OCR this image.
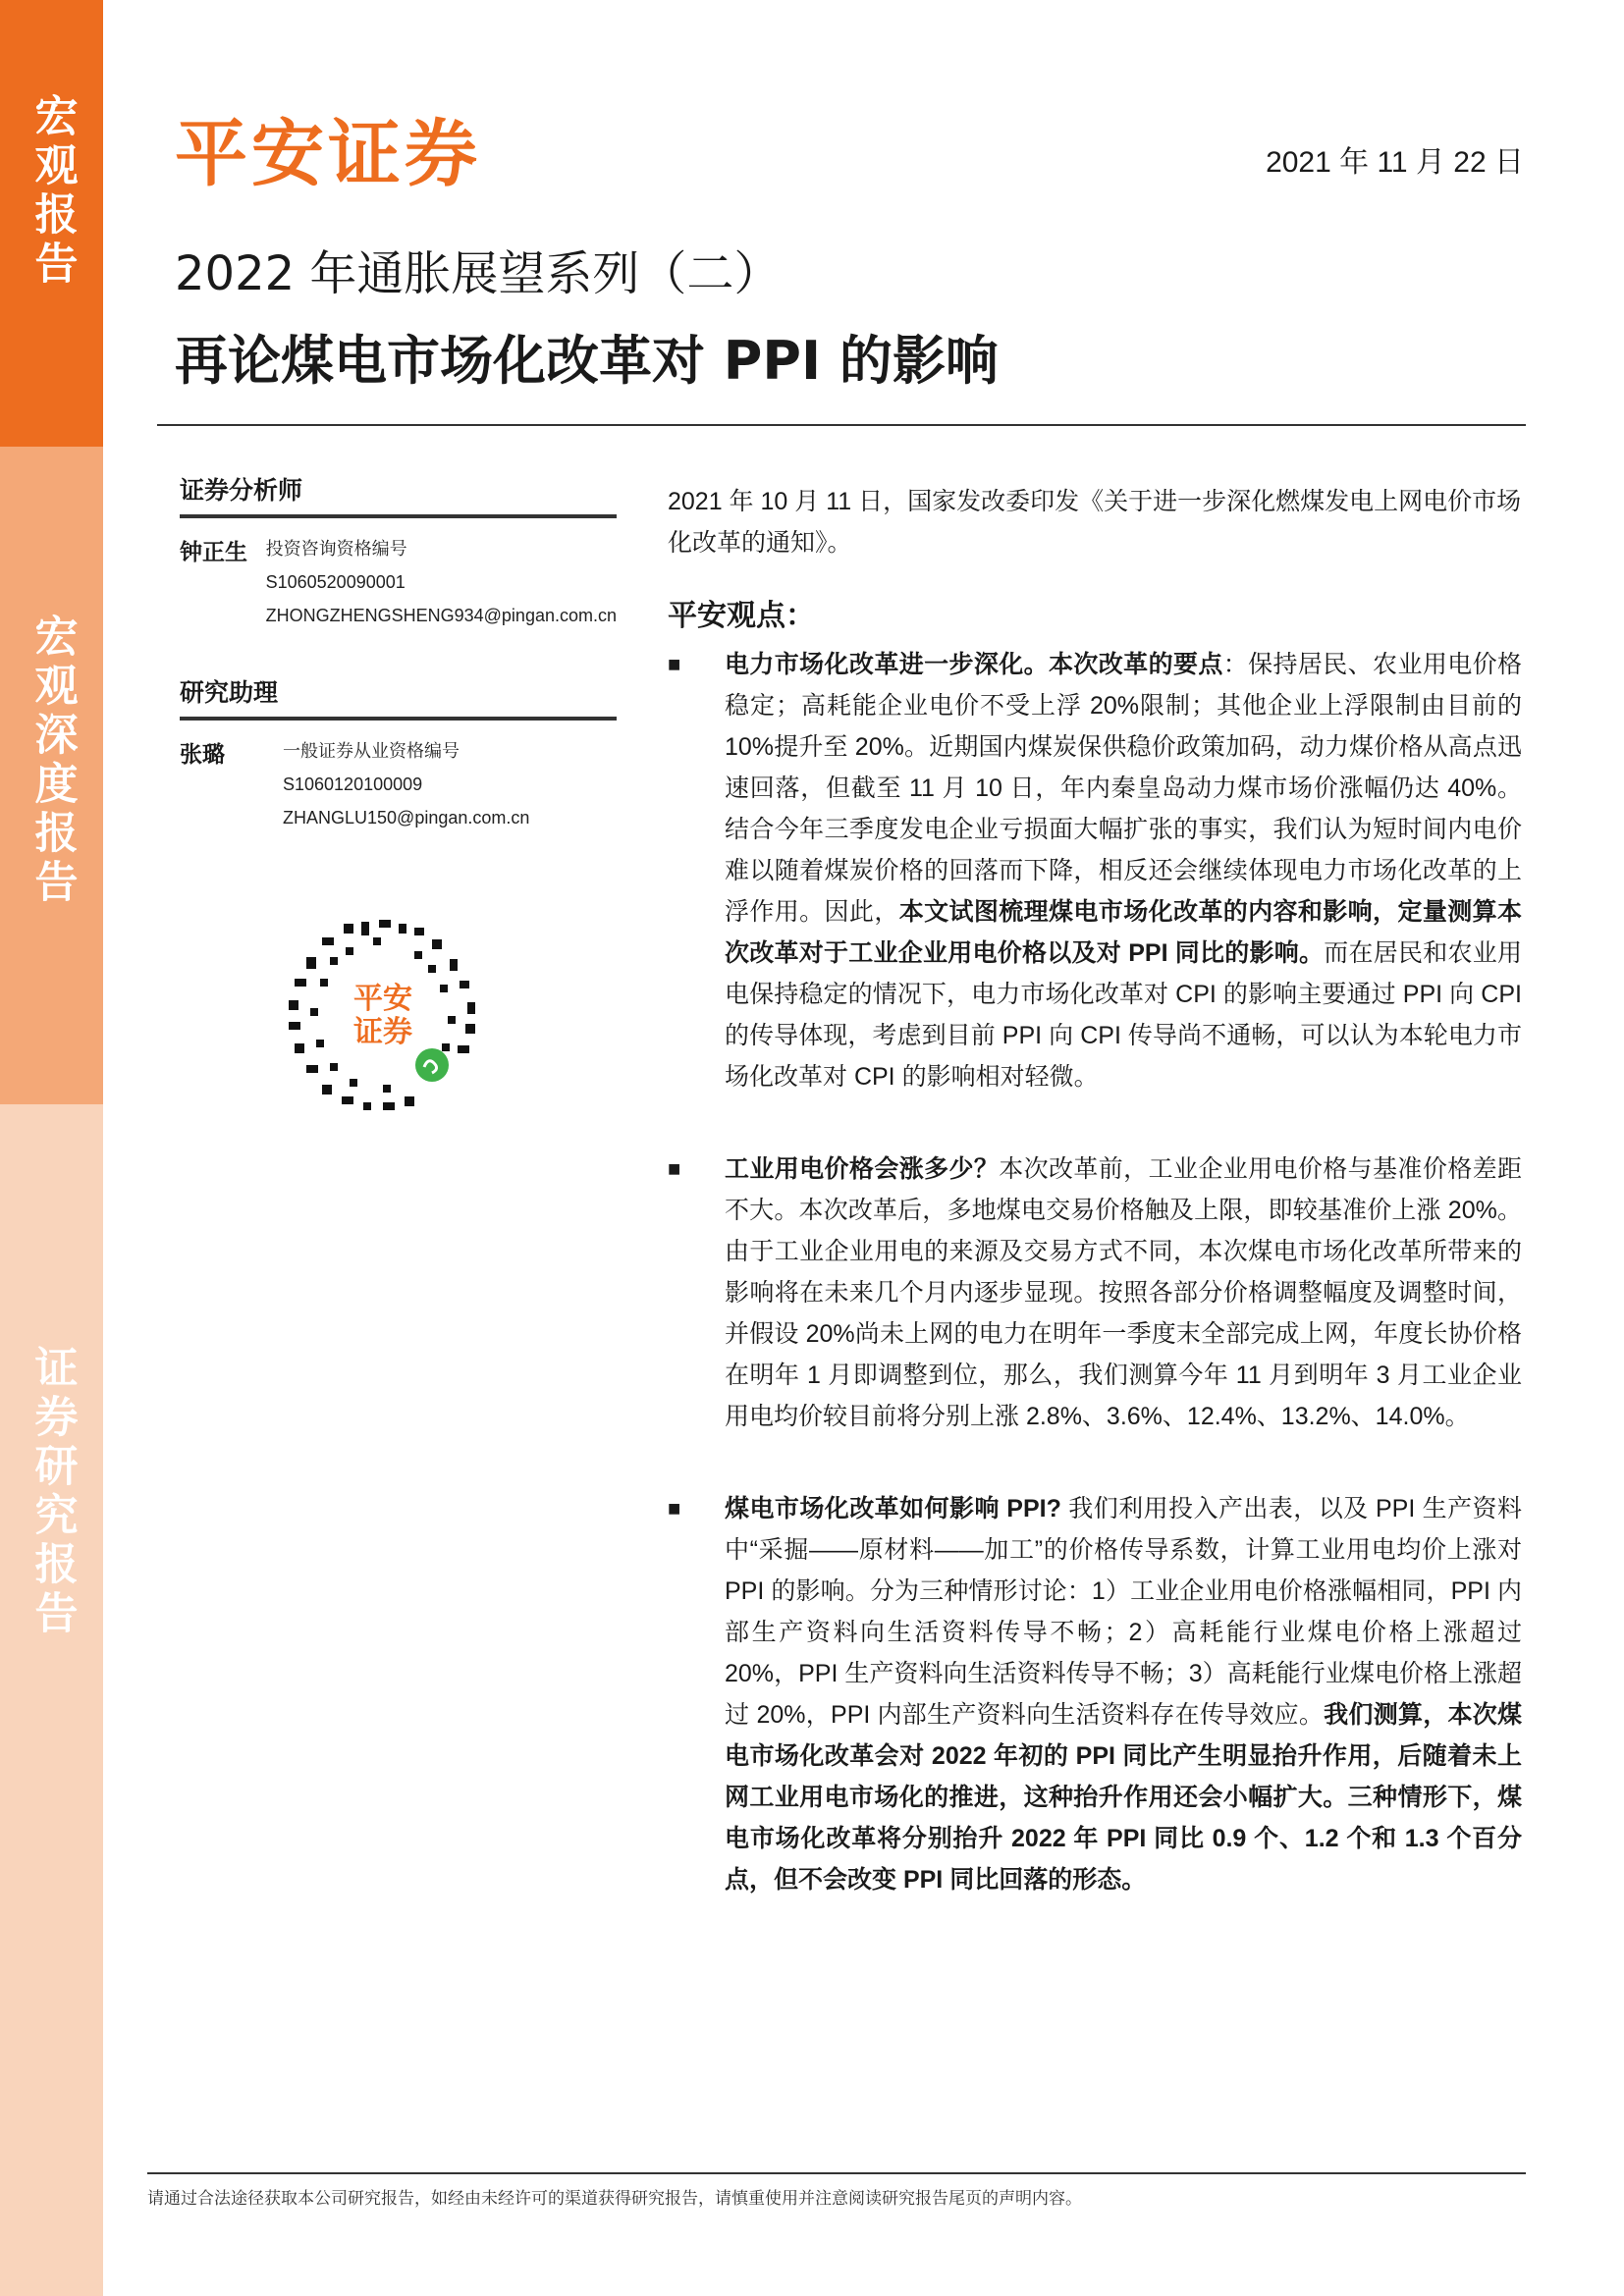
宏观报告
宏观深度报告
证券研究报告
平安证券	2021 年 11 月 22 日
2022 年通胀展望系列（二）
再论煤电市场化改革对 PPI 的影响
证券分析师
钟正生	投资咨询资格编号
S1060520090001
ZHONGZHENGSHENG934@pingan.com.cn
研究助理
张璐	一般证券从业资格编号
S1060120100009
ZHANGLU150@pingan.com.cn
平安
证券
2021 年 10 月 11 日，国家发改委印发《关于进一步深化燃煤发电上网电价市场化改革的通知》。
平安观点：
■	电力市场化改革进一步深化。本次改革的要点：保持居民、农业用电价格稳定；高耗能企业电价不受上浮 20%限制；其他企业上浮限制由目前的 10%提升至 20%。近期国内煤炭保供稳价政策加码，动力煤价格从高点迅速回落，但截至 11 月 10 日，年内秦皇岛动力煤市场价涨幅仍达 40%。结合今年三季度发电企业亏损面大幅扩张的事实，我们认为短时间内电价难以随着煤炭价格的回落而下降，相反还会继续体现电力市场化改革的上浮作用。因此，本文试图梳理煤电市场化改革的内容和影响，定量测算本次改革对于工业企业用电价格以及对 PPI 同比的影响。而在居民和农业用电保持稳定的情况下，电力市场化改革对 CPI 的影响主要通过 PPI 向 CPI 的传导体现，考虑到目前 PPI 向 CPI 传导尚不通畅，可以认为本轮电力市场化改革对 CPI 的影响相对轻微。
■	工业用电价格会涨多少？本次改革前，工业企业用电价格与基准价格差距不大。本次改革后，多地煤电交易价格触及上限，即较基准价上涨 20%。由于工业企业用电的来源及交易方式不同，本次煤电市场化改革所带来的影响将在未来几个月内逐步显现。按照各部分价格调整幅度及调整时间，并假设 20%尚未上网的电力在明年一季度末全部完成上网，年度长协价格在明年 1 月即调整到位，那么，我们测算今年 11 月到明年 3 月工业企业用电均价较目前将分别上涨 2.8%、3.6%、12.4%、13.2%、14.0%。
■	煤电市场化改革如何影响 PPI? 我们利用投入产出表，以及 PPI 生产资料中“采掘——原材料——加工”的价格传导系数，计算工业用电均价上涨对 PPI 的影响。分为三种情形讨论：1）工业企业用电价格涨幅相同，PPI 内部生产资料向生活资料传导不畅；2）高耗能行业煤电价格上涨超过 20%，PPI 生产资料向生活资料传导不畅；3）高耗能行业煤电价格上涨超过 20%，PPI 内部生产资料向生活资料存在传导效应。我们测算，本次煤电市场化改革会对 2022 年初的 PPI 同比产生明显抬升作用，后随着未上网工业用电市场化的推进，这种抬升作用还会小幅扩大。三种情形下，煤电市场化改革将分别抬升 2022 年 PPI 同比 0.9 个、1.2 个和 1.3 个百分点，但不会改变 PPI 同比回落的形态。
请通过合法途径获取本公司研究报告，如经由未经许可的渠道获得研究报告，请慎重使用并注意阅读研究报告尾页的声明内容。
